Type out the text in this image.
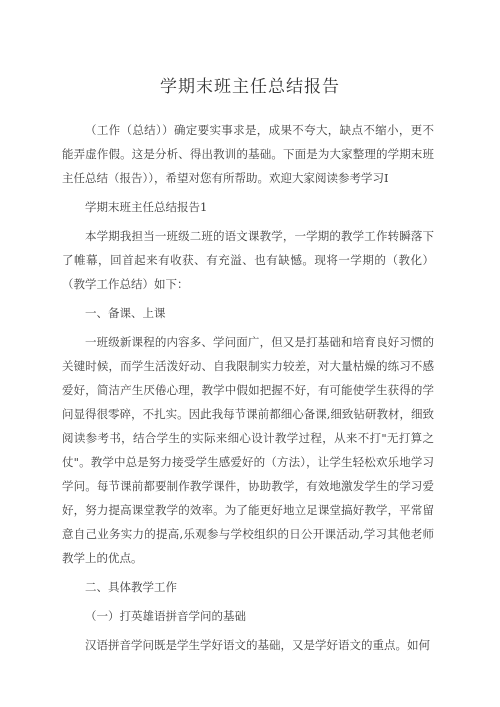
学期末班主任总结报告

（工作（总结））确定要实事求是，成果不夸大，缺点不缩小，更不能弄虚作假。这是分析、得出教训的基础。下面是为大家整理的学期末班主任总结（报告）），希望对您有所帮助。欢迎大家阅读参考学习I

学期末班主任总结报告1

本学期我担当一班级二班的语文课教学，一学期的教学工作转瞬落下了帷幕，回首起来有收获、有充溢、也有缺憾。现将一学期的（教化）（教学工作总结）如下：

一、备课、上课

一班级新课程的内容多、学问面广，但又是打基础和培育良好习惯的关键时候，而学生活泼好动、自我限制实力较差，对大量枯燥的练习不感爱好，简洁产生厌倦心理，教学中假如把握不好，有可能使学生获得的学问显得很零碎，不扎实。因此我每节课前都细心备课,细致钻研教材，细致阅读参考书，结合学生的实际来细心设计教学过程，从来不打"无打算之仗"。教学中总是努力接受学生感爱好的（方法），让学生轻松欢乐地学习学问。每节课前都要制作教学课件，协助教学，有效地激发学生的学习爱好，努力提高课堂教学的效率。为了能更好地立足课堂搞好教学，平常留意自己业务实力的提高,乐观参与学校组织的日公开课活动,学习其他老师教学上的优点。

二、具体教学工作

（一）打英雄语拼音学问的基础

汉语拼音学问既是学生学好语文的基础，又是学好语文的重点。如何
